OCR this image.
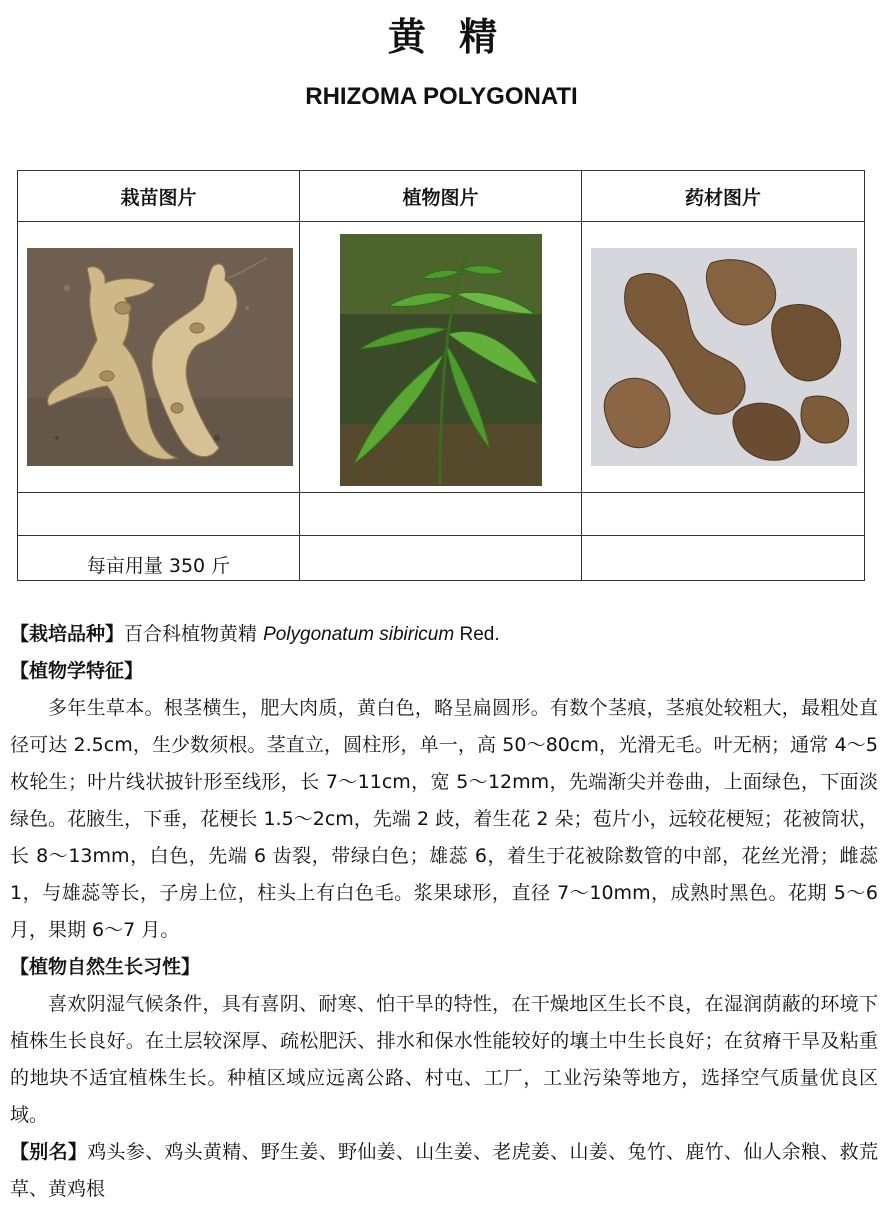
黄 精
RHIZOMA POLYGONATI
栽苗图片	植物图片	药材图片

每亩用量 350 斤		

【栽培品种】百合科植物黄精 Polygonatum sibiricum Red.

【植物学特征】

多年生草本。根茎横生，肥大肉质，黄白色，略呈扁圆形。有数个茎痕，茎痕处较粗大，最粗处直径可达 2.5cm，生少数须根。茎直立，圆柱形，单一，高 50～80cm，光滑无毛。叶无柄；通常 4～5 枚轮生；叶片线状披针形至线形，长 7～11cm，宽 5～12mm，先端渐尖并卷曲，上面绿色，下面淡绿色。花腋生，下垂，花梗长 1.5～2cm，先端 2 歧，着生花 2 朵；苞片小，远较花梗短；花被筒状，长 8～13mm，白色，先端 6 齿裂，带绿白色；雄蕊 6，着生于花被除数管的中部，花丝光滑；雌蕊 1，与雄蕊等长，子房上位，柱头上有白色毛。浆果球形，直径 7～10mm，成熟时黑色。花期 5～6 月，果期 6～7 月。

【植物自然生长习性】

喜欢阴湿气候条件，具有喜阴、耐寒、怕干旱的特性，在干燥地区生长不良，在湿润荫蔽的环境下植株生长良好。在土层较深厚、疏松肥沃、排水和保水性能较好的壤土中生长良好；在贫瘠干旱及粘重的地块不适宜植株生长。种植区域应远离公路、村屯、工厂，工业污染等地方，选择空气质量优良区域。

【别名】鸡头参、鸡头黄精、野生姜、野仙姜、山生姜、老虎姜、山姜、兔竹、鹿竹、仙人余粮、救荒草、黄鸡根
